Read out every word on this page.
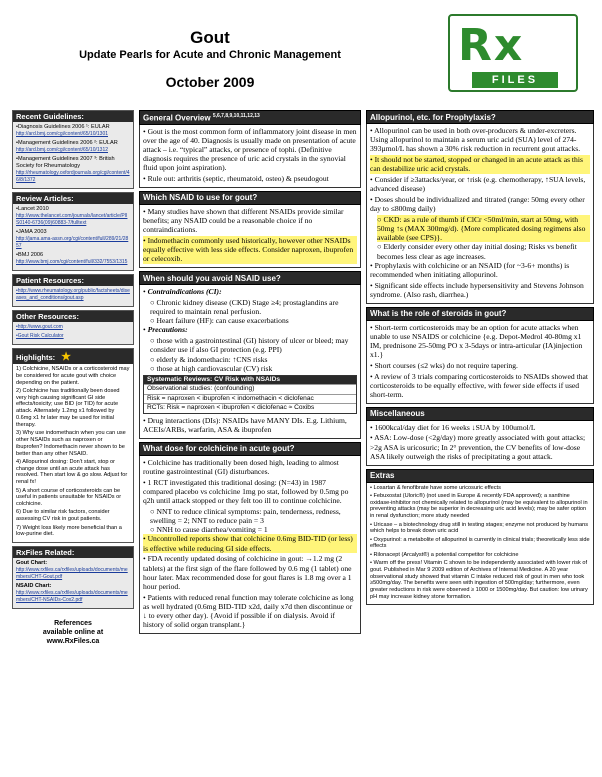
Gout
Update Pearls for Acute and Chronic Management
October 2009
Rx
FILES
Recent Guidelines:
•Diagnosis Guidelines 2006 ¹: EULAR
http://ard.bmj.com/cgi/content/65/10/1301
•Management Guidelines 2006 ²: EULAR
http://ard.bmj.com/cgi/content/65/10/1312
•Management Guidelines 2007 ³: British Society for Rheumatology
http://rheumatology.oxfordjournals.org/cgi/content/46/8/1372
Review Articles:
•Lancet 2010
http://www.thelancet.com/journals/lancet/article/PIIS0140-6736(09)60883-7/fulltext
•JAMA 2003
http://jama.ama-assn.org/cgi/content/full/289/21/2857
•BMJ 2006
http://www.bmj.com/cgi/content/full/332/7553/1315
Patient Resources:
•http://www.rheumatology.org/public/factsheets/diseases_and_conditions/gout.asp
Other Resources:
•http://www.gout.com
•Gout Risk Calculator
Highlights: ★
1) Colchicine, NSAIDs or a corticosteroid may be considered for acute gout with choice depending on the patient.
2) Colchicine has traditionally been dosed very high causing significant GI side effects/toxicity; use BID (or TID) for acute attack. Alternately 1.2mg x1 followed by 0.6mg x1 hr later may be used for initial therapy.
3) Why use indomethacin when you can use other NSAIDs such as naproxen or ibuprofen? Indomethacin never shown to be better than any other NSAID.
4) Allopurinol dosing: Don't start, stop or change dose until an acute attack has resolved. Then start low & go slow. Adjust for renal fx!
5) A short course of corticosteroids can be useful in patients unsuitable for NSAIDs or colchicine.
6) Due to similar risk factors, consider assessing CV risk in gout patients.
7) Weight loss likely more beneficial than a low-purine diet.
RxFiles Related:
Gout Chart:
http://www.rxfiles.ca/rxfiles/uploads/documents/members/CHT-Gout.pdf
NSAID Chart:
http://www.rxfiles.ca/rxfiles/uploads/documents/members/CHT-NSAIDs-Cox2.pdf
References
available online at
www.RxFiles.ca
General Overview $^{5,6,7,8,9,10,11,12,13}$
• Gout is the most common form of inflammatory joint disease in men over the age of 40. Diagnosis is usually made on presentation of acute attack – i.e. “typical” attacks, or presence of tophi. (Definitive diagnosis requires the presence of uric acid crystals in the synovial fluid upon joint aspiration).
• Rule out: arthritis (septic, rheumatoid, osteo) & pseudogout
Which NSAID to use for gout?
• Many studies have shown that different NSAIDs provide similar benefits; any NSAID could be a reasonable choice if no contraindications.
• Indomethacin commonly used historically, however other NSAIDs equally effective with less side effects. Consider naproxen, ibuprofen or celecoxib.
When should you avoid NSAID use?
• Contraindications (CI):
○ Chronic kidney disease (CKD) Stage ≥4; prostaglandins are required to maintain renal perfusion.
○ Heart failure (HF): can cause exacerbations
• Precautions:
○ those with a gastrointestinal (GI) history of ulcer or bleed; may consider use if also GI protection (e.g. PPI)
○ elderly & indomethacin: ↑CNS risks
○ those at high cardiovascular (CV) risk
Systematic Reviews: CV Risk with NSAIDs
Observational studies: (confounding)
Risk = naproxen < ibuprofen < indomethacin < diclofenac
RCTs: Risk = naproxen < ibuprofen < diclofenac ≈ Coxibs
• Drug interactions (DIs): NSAIDs have MANY DIs. E.g. Lithium, ACEIs/ARBs, warfarin, ASA & ibuprofen
What dose for colchicine in acute gout?
• Colchicine has traditionally been dosed high, leading to almost routine gastrointestinal (GI) disturbances.
• 1 RCT investigated this traditional dosing: (N=43) in 1987 compared placebo vs colchicine 1mg po stat, followed by 0.5mg po q2h until attack stopped or they felt too ill to continue colchicine.
○ NNT to reduce clinical symptoms: pain, tenderness, redness, swelling = 2; NNT to reduce pain = 3
○ NNH to cause diarrhea/vomiting = 1
• Uncontrolled reports show that colchicine 0.6mg BID-TID (or less) is effective while reducing GI side effects.
• FDA recently updated dosing of colchicine in gout: →1.2 mg (2 tablets) at the first sign of the flare followed by 0.6 mg (1 tablet) one hour later. Max recommended dose for gout flares is 1.8 mg over a 1 hour period.
• Patients with reduced renal function may tolerate colchicine as long as well hydrated (0.6mg BID-TID x2d, daily x7d then discontinue or ↓ to every other day). {Avoid if possible if on dialysis. Avoid if history of solid organ transplant.}
Allopurinol, etc. for Prophylaxis?
• Allopurinol can be used in both over-producers & under-excreters. Using allopurinol to maintain a serum uric acid (SUA) level of 274-393µmol/L has shown a 30% risk reduction in recurrent gout attacks.
• It should not be started, stopped or changed in an acute attack as this can destabilize uric acid crystals.
• Consider if ≥3attacks/year, or ↑risk (e.g. chemotherapy, ↑SUA levels, advanced disease)
• Doses should be individualized and titrated (range: 50mg every other day to ≤800mg daily)
○ CKD: as a rule of thumb if ClCr <50ml/min, start at 50mg, with 50mg ↑s (MAX 300mg/d). {More complicated dosing regimens also available (see CPS)}.
○ Elderly consider every other day initial dosing; Risks vs benefit becomes less clear as age increases.
• Prophylaxis with colchicine or an NSAID (for ~3-6+ months) is recommended when initiating allopurinol.
• Significant side effects include hypersensitivity and Stevens Johnson syndrome. (Also rash, diarrhea.)
What is the role of steroids in gout?
• Short-term corticosteroids may be an option for acute attacks when unable to use NSAIDS or colchicine {e.g. Depot-Medrol 40-80mg x1 IM, prednisone 25-50mg PO x 3-5days or intra-articular (IA)injection x1.}
• Short courses (≤2 wks) do not require tapering.
• A review of 3 trials comparing corticosteroids to NSAIDs showed that corticosteroids to be equally effective, with fewer side effects if used short-term.
Miscellaneous
• 1600kcal/day diet for 16 weeks ↓SUA by 100umol/L
• ASA: Low-dose (<2g/day) more greatly associated with gout attacks; >2g ASA is uricosuric; In 2° prevention, the CV benefits of low-dose ASA likely outweigh the risks of precipitating a gout attack.
Extras
• Losartan & fenofibrate have some uricosuric effects
• Febuxostat (Uloric®) (not used in Europe & recently FDA approved); a xanthine oxidase-inhibitor not chemically related to allopurinol (may be equivalent to allopurinol in preventing attacks (may be superior in decreasing uric acid levels); may be safer option in renal dysfunction; more study needed
• Uricase – a biotechnology drug still in testing stages; enzyme not produced by humans which helps to break down uric acid
• Oxypurinol: a metabolite of allopurinol is currently in clinical trials; theoretically less side effects
• Rilonacept (Arcalyst®) a potential competitor for colchicine
• Warm off the press! Vitamin C shown to be independently associated with lower risk of gout. Published in Mar 9 2009 edition of Archives of Internal Medicine. A 20 year observational study showed that vitamin C intake reduced risk of gout in men who took ≥500mg/day. The benefits were seen with ingestion of 500mg/day; furthermore, even greater reductions in risk were observed ≥ 1000 or 1500mg/day. But caution: low urinary pH may increase kidney stone formation.
